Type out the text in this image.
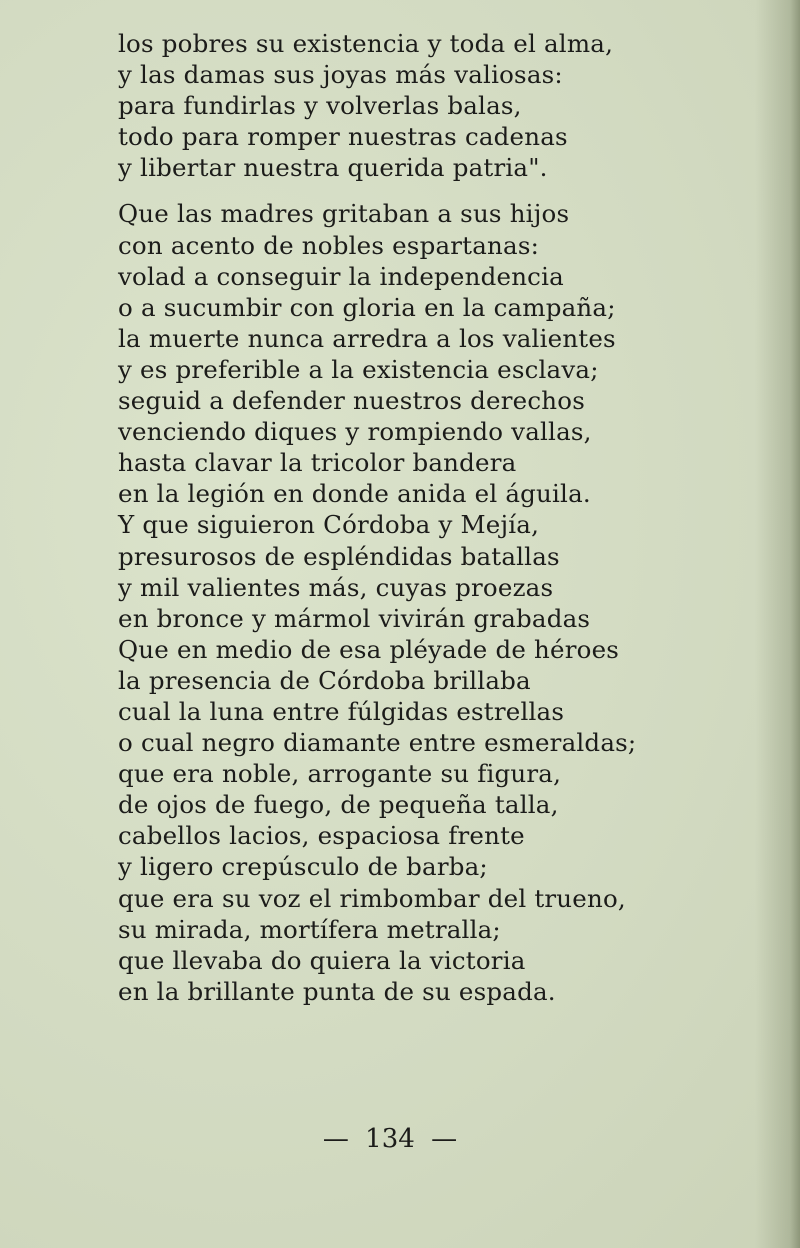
los pobres su existencia y toda el alma,
y las damas sus joyas más valiosas:
para fundirlas y volverlas balas,
todo para romper nuestras cadenas
y libertar nuestra querida patria".
Que las madres gritaban a sus hijos
con acento de nobles espartanas:
volad a conseguir la independencia
o a sucumbir con gloria en la campaña;
la muerte nunca arredra a los valientes
y es preferible a la existencia esclava;
seguid a defender nuestros derechos
venciendo diques y rompiendo vallas,
hasta clavar la tricolor bandera
en la legión en donde anida el águila.
Y que siguieron Córdoba y Mejía,
presurosos de espléndidas batallas
y mil valientes más, cuyas proezas
en bronce y mármol vivirán grabadas
Que en medio de esa pléyade de héroes
la presencia de Córdoba brillaba
cual la luna entre fúlgidas estrellas
o cual negro diamante entre esmeraldas;
que era noble, arrogante su figura,
de ojos de fuego, de pequeña talla,
cabellos lacios, espaciosa frente
y ligero crepúsculo de barba;
que era su voz el rimbombar del trueno,
su mirada, mortífera metralla;
que llevaba do quiera la victoria
en la brillante punta de su espada.
— 134 —
